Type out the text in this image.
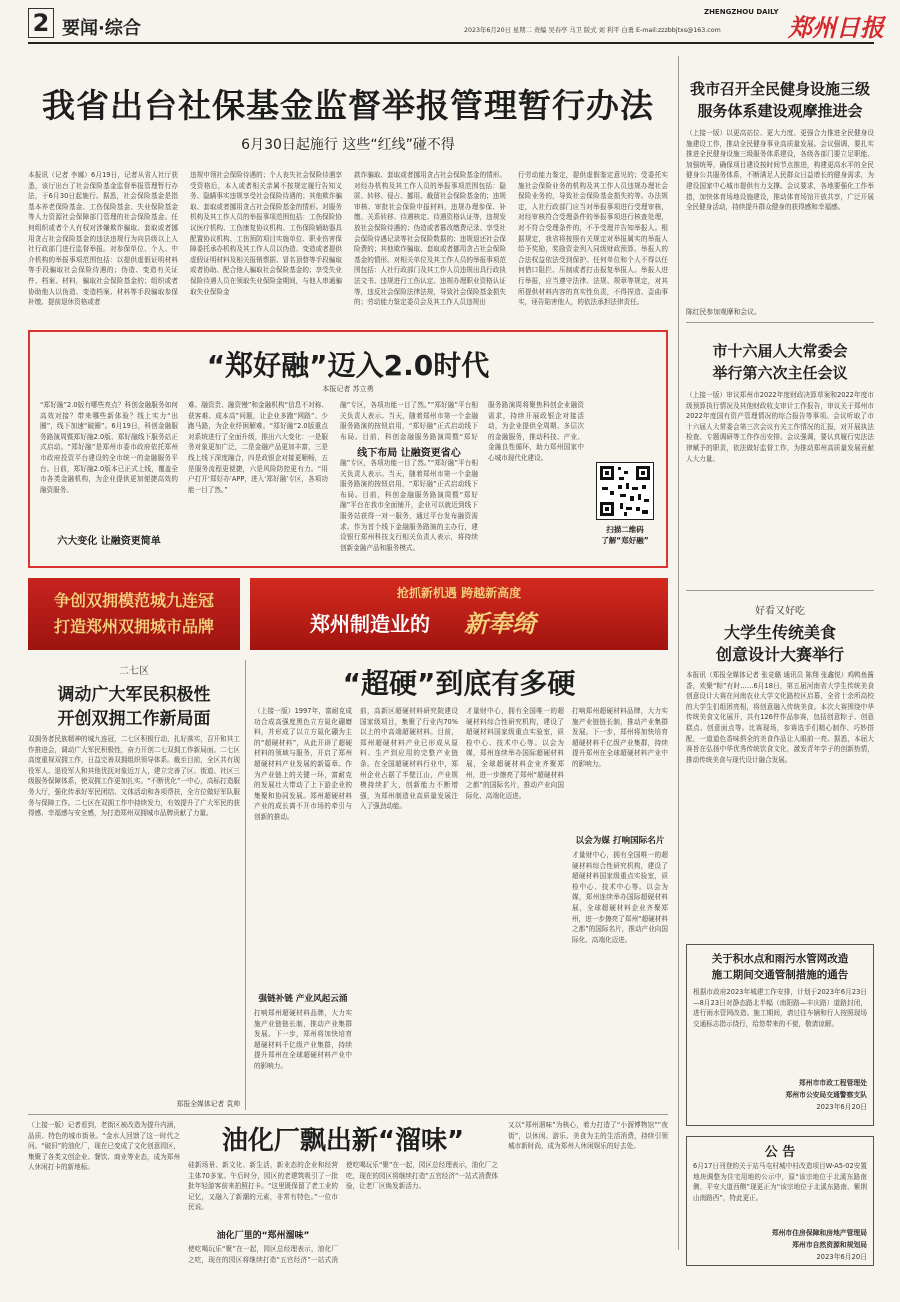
2 要闻·综合
ZHENGZHOU DAILY
2023年6月20日 星期二 责编 吴春亭 马卫 版式 刘 利平 白勇 E-mail:zzzbbjtxs@163.com	郑州日报
我省出台社保基金监督举报管理暂行办法
6月30日起施行 这些“红线”碰不得
本报讯（记者 李娜）6月19日，记者从省人社厅获悉，该厅出台了社会保险基金监督举报管理暂行办法，于6月30日起施行。据悉，社会保险基金是指基本养老保险基金、工伤保险基金、失业保险基金等人力资源社会保障部门管理的社会保险基金。任何组织或者个人有权对涉嫌欺诈骗取、套取或者挪用贪占社会保险基金的违法违规行为向县级以上人社行政部门进行监督举报。对参保单位、个人、中介机构的举报事项范围包括：以提供虚假证明材料等手段骗取社会保险待遇的；伪造、变造有关证件、档案、材料，骗取社会保险基金的；组织或者协助他人以伪造、变造档案、材料等手段骗取参保补缴、提前退休资格或者
违规申领社会保险待遇的；个人丧失社会保险待遇享受资格后，本人或者相关亲属不按规定履行告知义务、隐瞒事实违规享受社会保险待遇的；其他欺诈骗取、套取或者挪用贪占社会保险基金的情形。对服务机构及其工作人员的举报事项范围包括：工伤保险协议医疗机构、工伤康复协议机构、工伤保险辅助器具配置协议机构、工伤预防项目实施单位、职业伤害保障委托承办机构及其工作人员以伪造、变造或者提供虚假证明材料及相关报销票据、冒名顶替等手段骗取或者协助、配合他人骗取社会保险基金的；享受失业保险待遇人员在领取失业保险金期间，与他人串通骗取失业保险金
款诈骗取、套取或者挪用贪占社会保险基金的情形。对经办机构及其工作人员的举报事项范围包括：隐匿、转移、侵占、挪用、截留社会保险基金的；违规审核、审批社会保险申报材料，违规办理参保、补缴、关系转移、待遇核定、待遇资格认证等，违规发放社会保险待遇的；伪造或者篡改缴费记录、享受社会保险待遇记录等社会保险数据的；违规退还社会保险费的；其他欺诈骗取、套取或者挪用贪占社会保险基金的情形。对相关单位及其工作人员的举报事项范围包括：人社行政部门及其工作人员违规出具行政执法文书、违规进行工伤认定、违规办理职业资格认证等，违反社会保险法律法规，导致社会保险基金损失的；劳动能力鉴定委员会及其工作人员违规出
行劳动能力鉴定，提供虚假鉴定意见的；受委托实施社会保险业务的机构及其工作人员违规办理社会保险业务的，导致社会保险基金损失的等。办法规定，人社行政部门应当对举报事项进行受理审核，对经审核符合受理条件的举报事项进行核查处理，对不符合受理条件的，不予受理并告知举报人。根据规定，我省将按照有关规定对举报属实的举报人给予奖励，奖励资金列入同级财政预算。举报人的合法权益依法受到保护。任何单位和个人不得以任何借口阻拦、压制或者打击报复举报人。举报人进行举报，应当遵守法律、法规、规章等规定，对其所提供材料内容的真实性负责，不得捏造、歪曲事实，诬告陷害他人，的依法承担法律责任。
“郑好融”迈入2.0时代
本报记者 苏立勇
“郑好融”2.0版有哪些亮点？科创金融服务如何高效对接？带来哪些新体验？线上实力“出圈”，线下加速“破圈”。6月19日，科创金融服务路演周暨郑好融2.0版、郑好融线下服务站正式启动。“郑好融”是郑州市委市政府依托郑州市政府投资平台建设的全市统一的金融服务平台。日前，郑好融2.0版本已正式上线，覆盖全市各类金融机构，为企业提供更加便捷高效的融资服务。
六大变化 让融资更简单
难、融资贵、融资慢”和金融机构“信息不对称、获客难、成本高”问题，让企业多跑“网路”、少跑马路，为企业纾困解难。“郑好融”2.0版重点对系统进行了全面升级，推出六大变化：一是服务对象更加广泛，二是金融产品更加丰富，三是线上线下深度融合，四是政银企对接更顺畅，五是服务流程更便捷，六是风险防控更有力。“用户打开‘郑好办’APP，进入‘郑好融’专区，各项功能一目了然。”
融”专区，各项功能一目了然。”“郑好融”平台相关负责人表示。当天，随着郑州市第一个金融服务路演的按钮启用，“郑好融”正式启动线下布局。目前，科创金融服务路演周暨“郑好
线下布局 让融资更省心
融”专区，各项功能一目了然。”“郑好融”平台相关负责人表示。当天，随着郑州市第一个金融服务路演的按钮启用，“郑好融”正式启动线下布局。目前，科创金融服务路演周暨“郑好融”平台在我市全面铺开，企业可以就近到线下服务站获得一对一服务，通过平台发布融资需求。作为首个线下金融服务路演的主办行，建设银行郑州科技支行相关负责人表示，将持续创新金融产品和服务模式。
服务路演周将聚焦科创企业融资需求，持续开展政银企对接活动，为企业提供全周期、多层次的金融服务，推动科技、产业、金融良性循环，助力郑州国家中心城市现代化建设。
扫描二维码
了解“郑好融”
争创双拥模范城九连冠
打造郑州双拥城市品牌
抢抓新机遇 跨越新高度
郑州制造业的 新奉绮
二七区
调动广大军民积极性
开创双拥工作新局面
双拥务者民族精神的城九连冠，二七区积极行动，扎好落实，召开和其工作推进会，调动广大军民积极性，奋力开创二七双拥工作新局面。二七区高度重视双拥工作，日益完善双拥组织领导体系。截至目前，全区共有现役军人、退役军人和其他优抚对象近万人，建立完善了区、街道、社区三级服务保障体系，使双拥工作更加扎实。“不断优化”一中心，高标打造服务大厅，强化传承好军民团结、文体活动和各项帮扶，全方位做好军队服务与保障工作。二七区在双拥工作中持续发力，有效提升了广大军民的获得感、幸福感与安全感，为打造郑州双拥城市品牌贡献了力量。
郑报全媒体记者 袁帅
“超硬”到底有多硬
（上接一版）1997年，富耐克成功合成高强度黑色立方氮化硼磨料，并形成了以立方氮化硼为主的“超硬材料”，从此开辟了超硬材料的领域与服务，开启了郑州超硬材料产业发展的新篇章。作为产业链上的关键一环，富耐克的发展壮大带动了上下游企业的集聚和协同发展。郑州超硬材料产业的成长离不开市场的牵引与创新的推动。
强链补链 产业风起云涌
打响郑州超硬材料品牌，大力实施产业链链长制，推动产业集群发展。下一步，郑州将加快培育超硬材料千亿级产业集群，持续提升郑州在全球超硬材料产业中的影响力。
前，高新区超硬材料研究院建设国家级项目，集聚了行业内70%以上的中高端超硬材料。目前，郑州超硬材料产业已形成从原料、生产到应用的完整产业链条。在全国超硬材料行业中，郑州企业占据了半壁江山，产业规模持续扩大，创新能力不断增强，为郑州制造业高质量发展注入了强劲动能。
才量财中心，拥有全国唯一的超硬材料综合性研究机构，建设了超硬材料国家级重点实验室，质检中心、技术中心等。以会为媒，郑州连续举办国际超硬材料展，全球超硬材料企业齐聚郑州，进一步擦亮了郑州“超硬材料之都”的国际名片，推动产业向国际化、高端化迈进。
打响郑州超硬材料品牌，大力实施产业链链长制，推动产业集群发展。下一步，郑州将加快培育超硬材料千亿级产业集群，持续提升郑州在全球超硬材料产业中的影响力。
以会为媒 打响国际名片
才量财中心，拥有全国唯一的超硬材料综合性研究机构，建设了超硬材料国家级重点实验室，质检中心、技术中心等。以会为媒，郑州连续举办国际超硬材料展，全球超硬材料企业齐聚郑州，进一步擦亮了郑州“超硬材料之都”的国际名片，推动产业向国际化、高端化迈进。
（上接一版）记者看到，老街区被改造为提升内涵，品质、特色的城市街景。“金水人回馈了这一时代之问。“破旧”的油化厂，现在已变成了文化创意园区，集聚了各类文创企业、餐饮、商业等业态，成为郑州人休闲打卡的新地标。
油化厂飘出新“溜味”
硅新场景、新文化、新生活，新业态的企业和经营主体70多家。午后时分，园区的老建筑吸引了一批批年轻游客前来拍照打卡。“这里既保留了老工业的记忆，又融入了新潮的元素，非常有特色。”一位市民说。
油化厂里的“郑州溜味”
使吃喝玩乐“聚”在一起，园区总经理表示，油化厂之吃，现在的园区将继续打造“五官经济”一站式消
使吃喝玩乐“聚”在一起，园区总经理表示，油化厂之吃，现在的园区将继续打造“五官经济”一站式消费体验，让老厂区焕发新活力。
又以“郑州溜味”为核心，着力打造了“小溜博物馆”“夜街”，以休闲、游乐、美食为主的生活消费，持续引领城市新时尚，成为郑州人休闲娱乐的好去处。
我市召开全民健身设施三级
服务体系建设观摩推进会
（上接一版）以更高站位、更大力度、更强合力推进全民健身设施建设工作，推动全民健身事业高质量发展。会议强调，要扎实推进全民健身设施三级服务体系建设，各级各部门要立足职能、加强统筹，确保项目建设按时间节点推进，构建更高水平的全民健身公共服务体系，不断满足人民群众日益增长的健身需求，为建设国家中心城市提供有力支撑。会议要求，各地要强化工作举措，加快体育场地设施建设，推动体育场馆开放共享，广泛开展全民健身活动，持续提升群众健身的获得感和幸福感。
陈红民参加观摩和会议。
市十六届人大常委会
举行第六次主任会议
（上接一版）审议郑州市2022年度财政决算草案和2022年度市级预算执行情况及其他财政收支审计工作报告，审议关于郑州市2022年度国有资产管理情况的综合报告等事项。会议听取了市十六届人大常委会第三次会议有关工作情况的汇报，对开展执法检查、专题调研等工作作出安排。会议强调，要认真履行宪法法律赋予的职责，依法做好监督工作，为推动郑州高质量发展贡献人大力量。
好看又好吃
大学生传统美食
创意设计大赛举行
本报讯（郑报全媒体记者 张竞璐 通讯员 陈翔 张鑫悦）鸡鸭鱼酱香，欢聚“粽”有时……6月18日，第五届河南省大学生传统美食创意设计大赛在河南农业大学文化路校区启幕，全省十余所高校的大学生们组团亮相，将创意融入传统美食。本次大赛围绕中华传统美食文化展开，共有126件作品参赛，包括创意粽子、创意糕点、创意面点等。比赛现场，参赛选手们精心制作、巧妙搭配，一道道色香味俱全的美食作品让人眼前一亮。据悉，本届大赛旨在弘扬中华优秀传统饮食文化，激发青年学子的创新热情，推动传统美食与现代设计融合发展。
关于积水点和雨污水管网改造
施工期间交通管制措施的通告
根据市政府2023年城建工作安排，计划于2023年6月23日—8月23日对静态路北半幅（南阳路—丰庆路）道路封闭，进行雨水管网改造。施工期间，请过往车辆和行人按照现场交通标志指示绕行，给您带来的不便，敬请谅解。
郑州市市政工程管理处
郑州市公安局交通警察支队
2023年6月20日
公 告
6月17日刊登的关于站马屯村城中村改造项目W-A5-02安置地块调整为住宅用地的公示中，原“该宗地位于北溪东路南侧、平安大道西侧”现更正为“该宗地位于北溪东路南、紫荆山南路西”，特此更正。
郑州市住房保障和房地产管理局
郑州市自然资源和规划局
2023年6月20日
